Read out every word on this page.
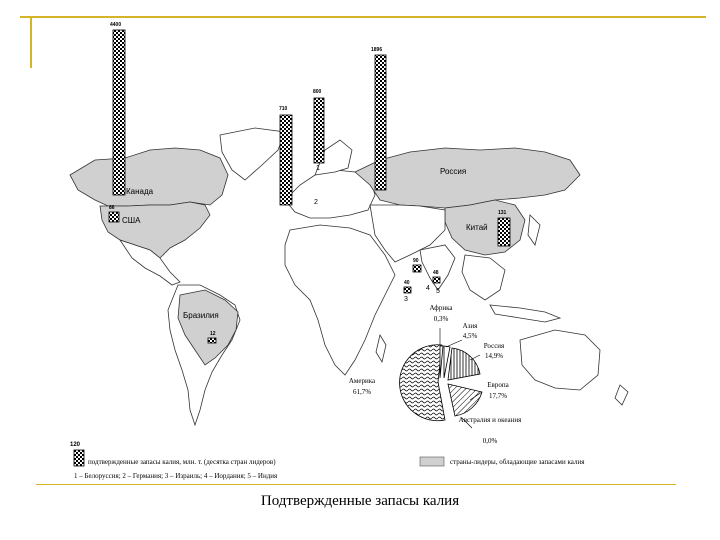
Канада
США
Россия
Китай
Бразилия
4400
1896
800
710
86
131
90
40
48
12
1
2
3
4 5
Африка
0,3%
Азия
4,5%
Россия
14,9%
Америка
61,7%
Европа
17,7%
Австралия и океания
0,0%
120
подтвержденные запасы калия, млн. т. (десятка стран лидеров)	страны-лидеры, обладающие запасами калия
1 – Белоруссия; 2 – Германия; 3 – Израиль; 4 – Иордания; 5 – Индия
Подтвержденные запасы калия
